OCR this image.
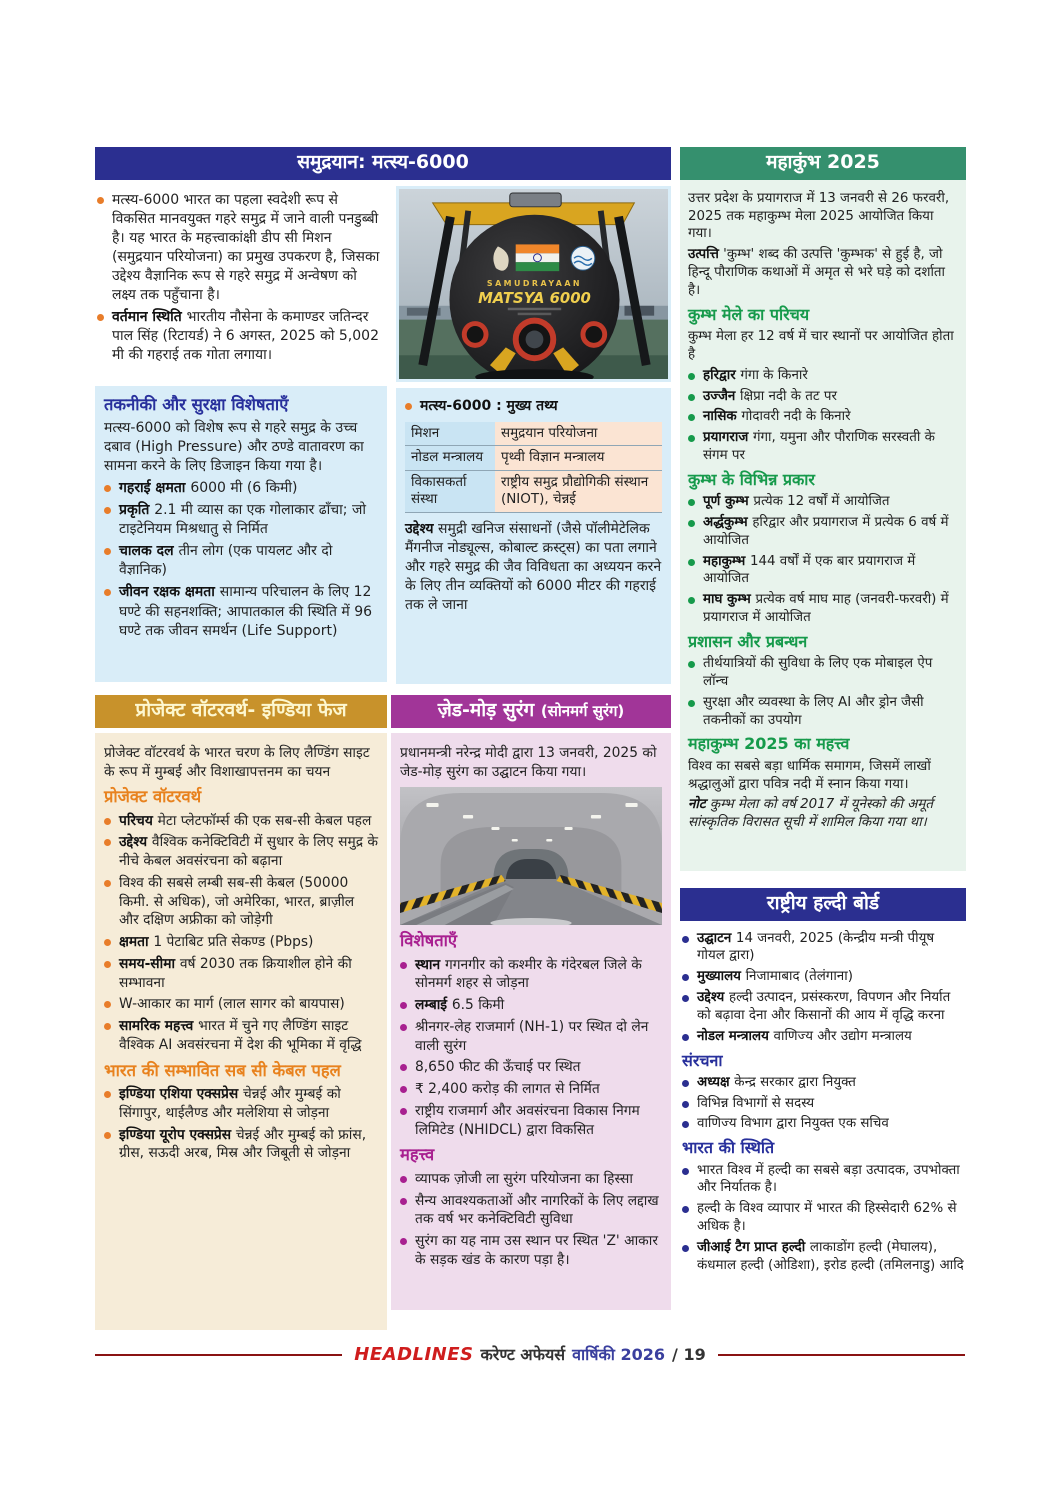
समुद्रयान: मत्स्य-6000
मत्स्य-6000 भारत का पहला स्वदेशी रूप से विकसित मानवयुक्त गहरे समुद्र में जाने वाली पनडुब्बी है। यह भारत के महत्त्वाकांक्षी डीप सी मिशन (समुद्रयान परियोजना) का प्रमुख उपकरण है, जिसका उद्देश्य वैज्ञानिक रूप से गहरे समुद्र में अन्वेषण को लक्ष्य तक पहुँचाना है।
वर्तमान स्थिति भारतीय नौसेना के कमाण्डर जतिन्दर पाल सिंह (रिटायर्ड) ने 6 अगस्त, 2025 को 5,002 मी की गहराई तक गोता लगाया।
तकनीकी और सुरक्षा विशेषताएँ

मत्स्य-6000 को विशेष रूप से गहरे समुद्र के उच्च दबाव (High Pressure) और ठण्डे वातावरण का सामना करने के लिए डिजाइन किया गया है।

गहराई क्षमता 6000 मी (6 किमी)
प्रकृति 2.1 मी व्यास का एक गोलाकार ढाँचा; जो टाइटेनियम मिश्रधातु से निर्मित
चालक दल तीन लोग (एक पायलट और दो वैज्ञानिक)
जीवन रक्षक क्षमता सामान्य परिचालन के लिए 12 घण्टे की सहनशक्ति; आपातकाल की स्थिति में 96 घण्टे तक जीवन समर्थन (Life Support)
SAMUDRAYAAN
MATSYA 6000
मत्स्य-6000 : मुख्य तथ्य
मिशन	समुद्रयान परियोजना
नोडल मन्त्रालय	पृथ्वी विज्ञान मन्त्रालय
विकासकर्ता संस्था	राष्ट्रीय समुद्र प्रौद्योगिकी संस्थान (NIOT), चेन्नई

उद्देश्य समुद्री खनिज संसाधनों (जैसे पॉलीमेटेलिक मैंगनीज नोड्यूल्स, कोबाल्ट क्रस्ट्स) का पता लगाने और गहरे समुद्र की जैव विविधता का अध्ययन करने के लिए तीन व्यक्तियों को 6000 मीटर की गहराई तक ले जाना

प्रोजेक्ट वॉटरवर्थ- इण्डिया फेज

प्रोजेक्ट वॉटरवर्थ के भारत चरण के लिए लैण्डिंग साइट के रूप में मुम्बई और विशाखापत्तनम का चयन

प्रोजेक्ट वॉटरवर्थ
परिचय मेटा प्लेटफॉर्म्स की एक सब-सी केबल पहल
उद्देश्य वैश्विक कनेक्टिविटी में सुधार के लिए समुद्र के नीचे केबल अवसंरचना को बढ़ाना
विश्व की सबसे लम्बी सब-सी केबल (50000 किमी. से अधिक), जो अमेरिका, भारत, ब्राज़ील और दक्षिण अफ्रीका को जोड़ेगी
क्षमता 1 पेटाबिट प्रति सेकण्ड (Pbps)
समय-सीमा वर्ष 2030 तक क्रियाशील होने की सम्भावना
W-आकार का मार्ग (लाल सागर को बायपास)
सामरिक महत्त्व भारत में चुने गए लैण्डिंग साइट वैश्विक AI अवसंरचना में देश की भूमिका में वृद्धि
भारत की सम्भावित सब सी केबल पहल
इण्डिया एशिया एक्सप्रेस चेन्नई और मुम्बई को सिंगापुर, थाईलैण्ड और मलेशिया से जोड़ना
इण्डिया यूरोप एक्सप्रेस चेन्नई और मुम्बई को फ्रांस, ग्रीस, सऊदी अरब, मिस्र और जिबूती से जोड़ना
ज़ेड-मोड़ सुरंग (सोनमर्ग सुरंग)

प्रधानमन्त्री नरेन्द्र मोदी द्वारा 13 जनवरी, 2025 को जेड-मोड़ सुरंग का उद्घाटन किया गया।

विशेषताएँ
स्थान गगनगीर को कश्मीर के गंदेरबल जिले के सोनमर्ग शहर से जोड़ना
लम्बाई 6.5 किमी
श्रीनगर-लेह राजमार्ग (NH-1) पर स्थित दो लेन वाली सुरंग
8,650 फीट की ऊँचाई पर स्थित
₹ 2,400 करोड़ की लागत से निर्मित
राष्ट्रीय राजमार्ग और अवसंरचना विकास निगम लिमिटेड (NHIDCL) द्वारा विकसित
महत्त्व
व्यापक ज़ोजी ला सुरंग परियोजना का हिस्सा
सैन्य आवश्यकताओं और नागरिकों के लिए लद्दाख तक वर्ष भर कनेक्टिविटी सुविधा
सुरंग का यह नाम उस स्थान पर स्थित 'Z' आकार के सड़क खंड के कारण पड़ा है।
महाकुंभ 2025

उत्तर प्रदेश के प्रयागराज में 13 जनवरी से 26 फरवरी, 2025 तक महाकुम्भ मेला 2025 आयोजित किया गया।

उत्पत्ति 'कुम्भ' शब्द की उत्पत्ति 'कुम्भक' से हुई है, जो हिन्दू पौराणिक कथाओं में अमृत से भरे घड़े को दर्शाता है।

कुम्भ मेले का परिचय

कुम्भ मेला हर 12 वर्ष में चार स्थानों पर आयोजित होता है

हरिद्वार गंगा के किनारे
उज्जैन क्षिप्रा नदी के तट पर
नासिक गोदावरी नदी के किनारे
प्रयागराज गंगा, यमुना और पौराणिक सरस्वती के संगम पर
कुम्भ के विभिन्न प्रकार
पूर्ण कुम्भ प्रत्येक 12 वर्षों में आयोजित
अर्द्धकुम्भ हरिद्वार और प्रयागराज में प्रत्येक 6 वर्ष में आयोजित
महाकुम्भ 144 वर्षों में एक बार प्रयागराज में आयोजित
माघ कुम्भ प्रत्येक वर्ष माघ माह (जनवरी-फरवरी) में प्रयागराज में आयोजित
प्रशासन और प्रबन्धन
तीर्थयात्रियों की सुविधा के लिए एक मोबाइल ऐप लॉन्च
सुरक्षा और व्यवस्था के लिए AI और ड्रोन जैसी तकनीकों का उपयोग
महाकुम्भ 2025 का महत्त्व

विश्व का सबसे बड़ा धार्मिक समागम, जिसमें लाखों श्रद्धालुओं द्वारा पवित्र नदी में स्नान किया गया।

नोट कुम्भ मेला को वर्ष 2017 में यूनेस्को की अमूर्त सांस्कृतिक विरासत सूची में शामिल किया गया था।

राष्ट्रीय हल्दी बोर्ड
उद्घाटन 14 जनवरी, 2025 (केन्द्रीय मन्त्री पीयूष गोयल द्वारा)
मुख्यालय निजामाबाद (तेलंगाना)
उद्देश्य हल्दी उत्पादन, प्रसंस्करण, विपणन और निर्यात को बढ़ावा देना और किसानों की आय में वृद्धि करना
नोडल मन्त्रालय वाणिज्य और उद्योग मन्त्रालय
संरचना
अध्यक्ष केन्द्र सरकार द्वारा नियुक्त
विभिन्न विभागों से सदस्य
वाणिज्य विभाग द्वारा नियुक्त एक सचिव
भारत की स्थिति
भारत विश्व में हल्दी का सबसे बड़ा उत्पादक, उपभोक्ता और निर्यातक है।
हल्दी के विश्व व्यापार में भारत की हिस्सेदारी 62% से अधिक है।
जीआई टैग प्राप्त हल्दी लाकाडोंग हल्दी (मेघालय), कंधमाल हल्दी (ओडिशा), इरोड हल्दी (तमिलनाडु) आदि
HEADLINES करेण्ट अफेयर्स वार्षिकी 2026 / 19
